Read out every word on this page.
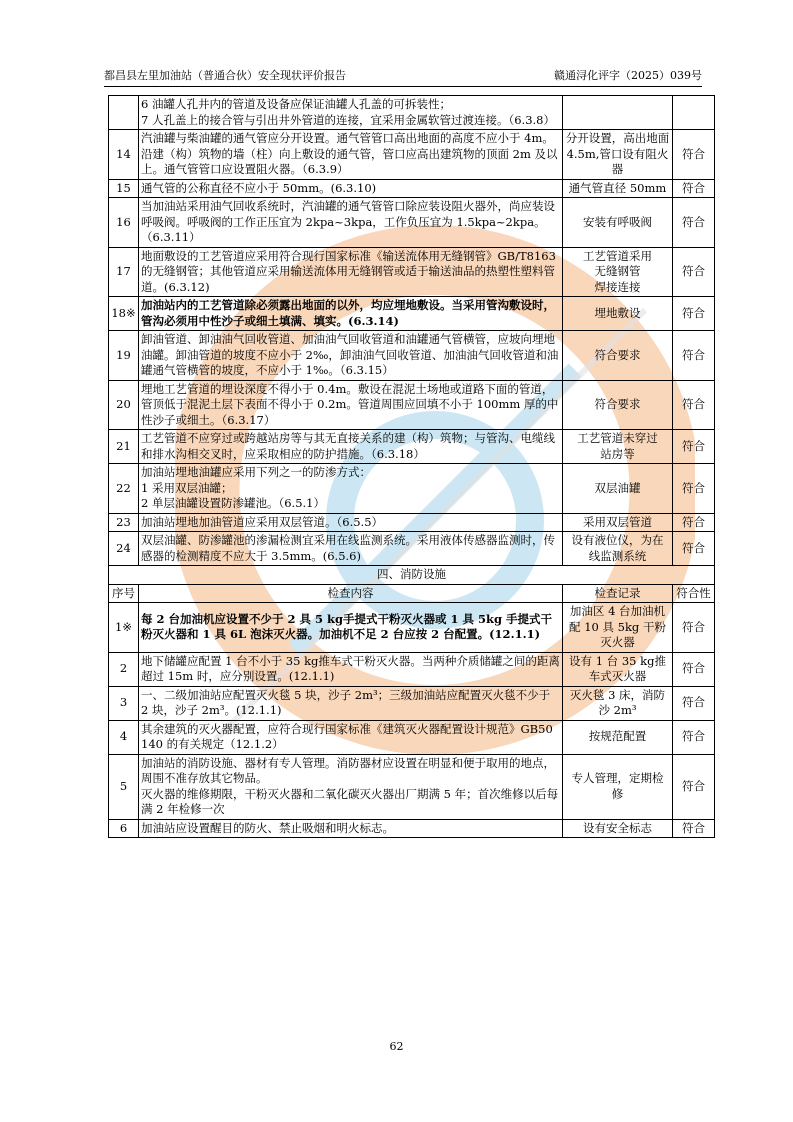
都昌县左里加油站（普通合伙）安全现状评价报告	赣通浔化评字（2025）039号
	6 油罐人孔井内的管道及设备应保证油罐人孔盖的可拆装性；
7 人孔盖上的接合管与引出井外管道的连接，宜采用金属软管过渡连接。（6.3.8）		
14	汽油罐与柴油罐的通气管应分开设置。通气管管口高出地面的高度不应小于 4m。沿建（构）筑物的墙（柱）向上敷设的通气管，管口应高出建筑物的顶面 2m 及以上。通气管管口应设置阻火器。（6.3.9）	分开设置，高出地面 4.5m,管口设有阻火器	符合
15	通气管的公称直径不应小于 50mm。(6.3.10)	通气管直径 50mm	符合
16	当加油站采用油气回收系统时，汽油罐的通气管管口除应装设阻火器外，尚应装设呼吸阀。呼吸阀的工作正压宜为 2kpa~3kpa，工作负压宜为 1.5kpa~2kpa。（6.3.11）	安装有呼吸阀	符合
17	地面敷设的工艺管道应采用符合现行国家标准《输送流体用无缝钢管》GB/T8163 的无缝钢管；其他管道应采用输送流体用无缝钢管或适于输送油品的热塑性塑料管道。(6.3.12)	工艺管道采用
无缝钢管
焊接连接	符合
18※	加油站内的工艺管道除必须露出地面的以外，均应埋地敷设。当采用管沟敷设时，管沟必须用中性沙子或细土填满、填实。(6.3.14)	埋地敷设	符合
19	卸油管道、卸油油气回收管道、加油油气回收管道和油罐通气管横管，应坡向埋地油罐。卸油管道的坡度不应小于 2‰，卸油油气回收管道、加油油气回收管道和油罐通气管横管的坡度，不应小于 1‰。（6.3.15）	符合要求	符合
20	埋地工艺管道的埋设深度不得小于 0.4m。敷设在混泥土场地或道路下面的管道，管顶低于混泥土层下表面不得小于 0.2m。管道周围应回填不小于 100mm 厚的中性沙子或细土。（6.3.17）	符合要求	符合
21	工艺管道不应穿过或跨越站房等与其无直接关系的建（构）筑物；与管沟、电缆线和排水沟相交叉时，应采取相应的防护措施。（6.3.18）	工艺管道未穿过
站房等	符合
22	加油站埋地油罐应采用下列之一的防渗方式：
1 采用双层油罐；
2 单层油罐设置防渗罐池。（6.5.1）	双层油罐	符合
23	加油站埋地加油管道应采用双层管道。（6.5.5）	采用双层管道	符合
24	双层油罐、防渗罐池的渗漏检测宜采用在线监测系统。采用液体传感器监测时，传感器的检测精度不应大于 3.5mm。(6.5.6)	设有液位仪，为在
线监测系统	符合
四、消防设施			
序号	检查内容	检查记录	符合性
1※	每 2 台加油机应设置不少于 2 具 5 kg手提式干粉灭火器或 1 具 5kg 手提式干粉灭火器和 1 具 6L 泡沫灭火器。加油机不足 2 台应按 2 台配置。(12.1.1)	加油区 4 台加油机配 10 具 5kg 干粉灭火器	符合
2	地下储罐应配置 1 台不小于 35 kg推车式干粉灭火器。当两种介质储罐之间的距离超过 15m 时，应分别设置。(12.1.1)	设有 1 台 35 kg推
车式灭火器	符合
3	一、二级加油站应配置灭火毯 5 块，沙子 2m³；三级加油站应配置灭火毯不少于 2 块，沙子 2m³。(12.1.1)	灭火毯 3 床，消防
沙 2m³	符合
4	其余建筑的灭火器配置，应符合现行国家标准《建筑灭火器配置设计规范》GB50140 的有关规定（12.1.2）	按规范配置	符合
5	加油站的消防设施、器材有专人管理。消防器材应设置在明显和便于取用的地点，周围不准存放其它物品。
灭火器的维修期限，干粉灭火器和二氧化碳灭火器出厂期满 5 年；首次维修以后每满 2 年检修一次	专人管理，定期检
修	符合
6	加油站应设置醒目的防火、禁止吸烟和明火标志。	设有安全标志	符合
62
